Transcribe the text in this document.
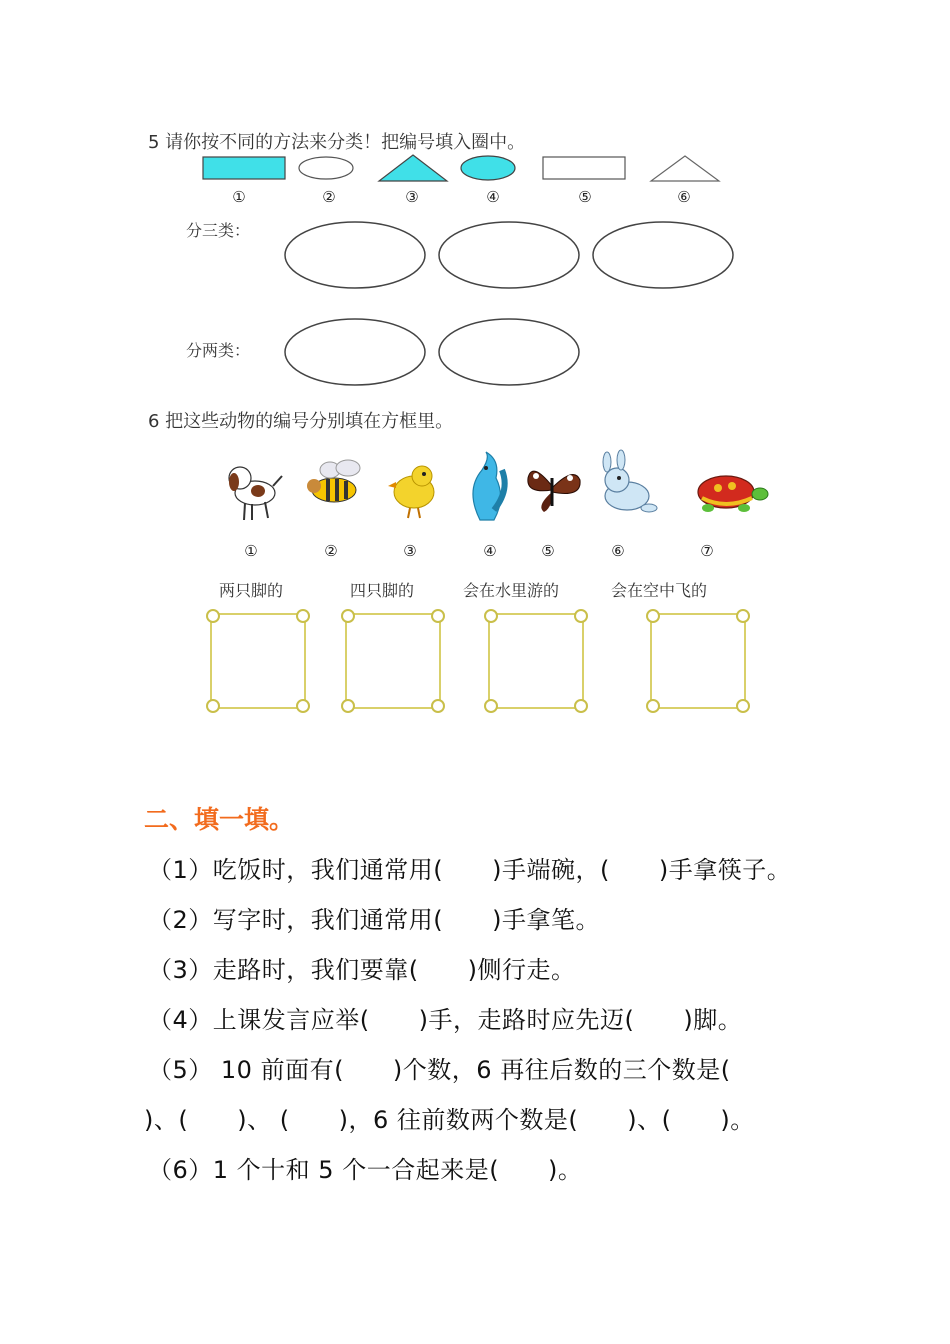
5 请你按不同的方法来分类！把编号填入圈中。
①	②	③	④	⑤	⑥
分三类：
分两类：
6 把这些动物的编号分别填在方框里。
①	②	③	④	⑤	⑥	⑦
两只脚的	四只脚的	会在水里游的	会在空中飞的
二、填一填。
（1）吃饭时，我们通常用(　　)手端碗，(　　)手拿筷子。
（2）写字时，我们通常用(　　)手拿笔。
（3）走路时，我们要靠(　　)侧行走。
（4）上课发言应举(　　)手，走路时应先迈(　　)脚。
（5） 10 前面有(　　)个数，6 再往后数的三个数是(
)、(　　)、 (　　)，6 往前数两个数是(　　)、(　　)。
（6）1 个十和 5 个一合起来是(　　)。
